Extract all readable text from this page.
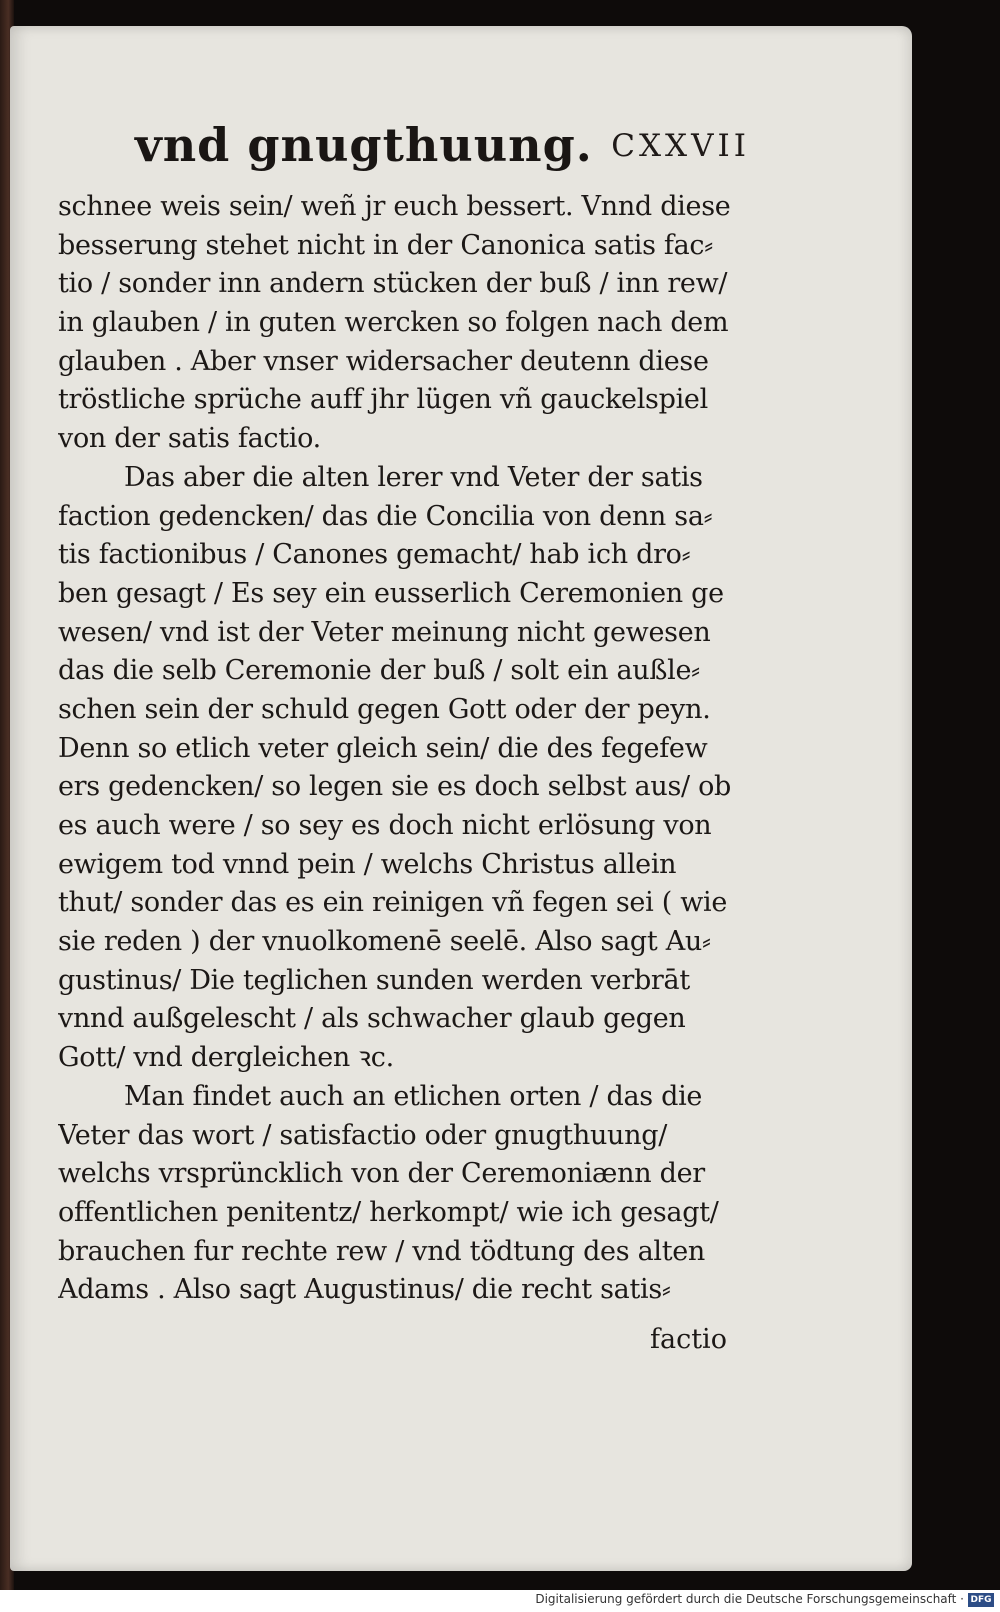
vnd gnugthuung. CXXVII
schnee weis sein/ weñ jr euch bessert. Vnnd diese
besserung stehet nicht in der Canonica satis fac⸗
tio / sonder inn andern stücken der buß / inn rew/
in glauben / in guten wercken so folgen nach dem
glauben . Aber vnser widersacher deutenn diese
tröstliche sprüche auff jhr lügen vñ gauckelspiel
von der satis factio.
Das aber die alten lerer vnd Veter der satis
faction gedencken/ das die Concilia von denn sa⸗
tis factionibus / Canones gemacht/ hab ich dro⸗
ben gesagt / Es sey ein eusserlich Ceremonien ge
wesen/ vnd ist der Veter meinung nicht gewesen
das die selb Ceremonie der buß / solt ein außle⸗
schen sein der schuld gegen Gott oder der peyn.
Denn so etlich veter gleich sein/ die des fegefew
ers gedencken/ so legen sie es doch selbst aus/ ob
es auch were / so sey es doch nicht erlösung von
ewigem tod vnnd pein / welchs Christus allein
thut/ sonder das es ein reinigen vñ fegen sei ( wie
sie reden ) der vnuolkomenē seelē. Also sagt Au⸗
gustinus/ Die teglichen sunden werden verbrāt
vnnd außgelescht / als schwacher glaub gegen
Gott/ vnd dergleichen ꝛc.
Man findet auch an etlichen orten / das die
Veter das wort / satisfactio oder gnugthuung/
welchs vrsprüncklich von der Ceremoniænn der
offentlichen penitentz/ herkompt/ wie ich gesagt/
brauchen fur rechte rew / vnd tödtung des alten
Adams . Also sagt Augustinus/ die recht satis⸗
factio
Digitalisierung gefördert durch die Deutsche Forschungsgemeinschaft · DFG
